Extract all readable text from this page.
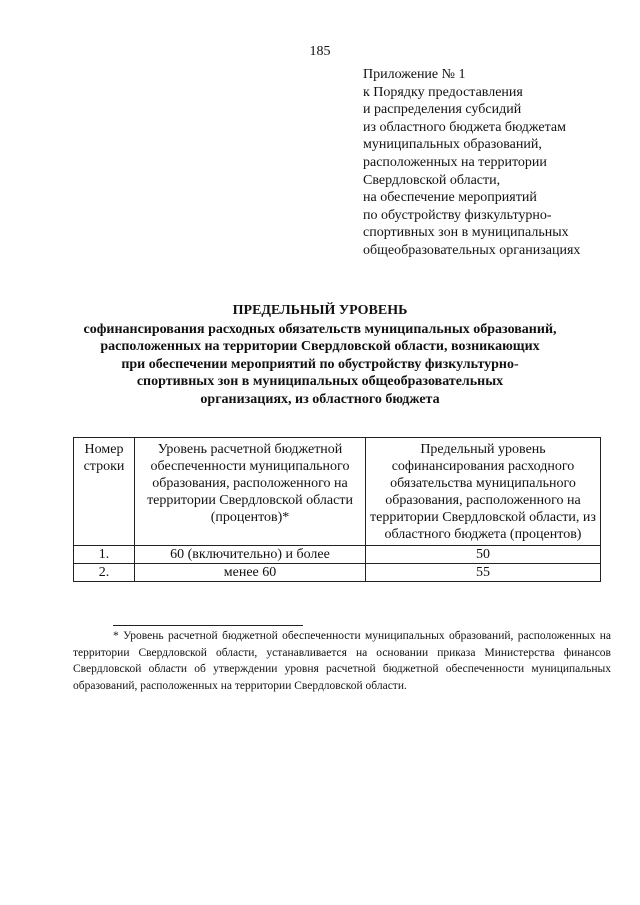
185
Приложение № 1
к Порядку предоставления
и распределения субсидий
из областного бюджета бюджетам
муниципальных образований,
расположенных на территории
Свердловской области,
на обеспечение мероприятий
по обустройству физкультурно-
спортивных зон в муниципальных
общеобразовательных организациях
ПРЕДЕЛЬНЫЙ УРОВЕНЬ
софинансирования расходных обязательств муниципальных образований,
расположенных на территории Свердловской области, возникающих
при обеспечении мероприятий по обустройству физкультурно-
спортивных зон в муниципальных общеобразовательных
организациях, из областного бюджета
Номер строки	Уровень расчетной бюджетной обеспеченности муниципального образования, расположенного на территории Свердловской области (процентов)*	Предельный уровень софинансирования расходного обязательства муниципального образования, расположенного на территории Свердловской области, из областного бюджета (процентов)
1.	60 (включительно) и более	50
2.	менее 60	55
* Уровень расчетной бюджетной обеспеченности муниципальных образований, расположенных на территории Свердловской области, устанавливается на основании приказа Министерства финансов Свердловской области об утверждении уровня расчетной бюджетной обеспеченности муниципальных образований, расположенных на территории Свердловской области.
